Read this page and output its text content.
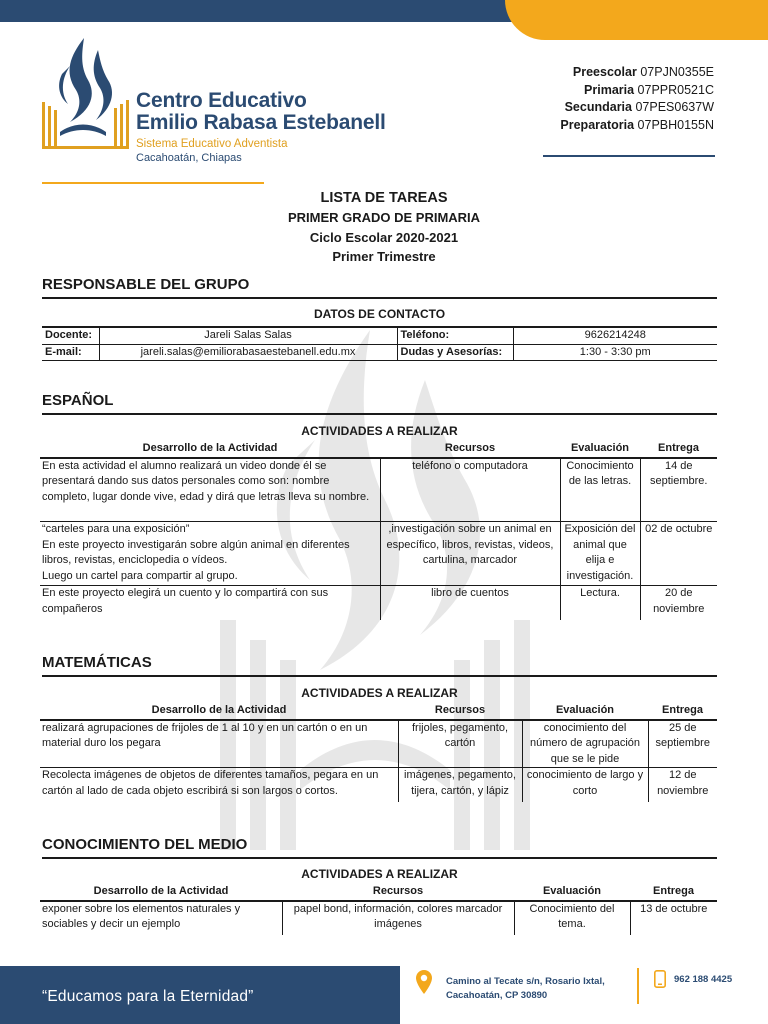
Centro Educativo
Emilio Rabasa Estebanell
Sistema Educativo Adventista
Cacahoatán, Chiapas
Preescolar 07PJN0355E
Primaria 07PPR0521C
Secundaria 07PES0637W
Preparatoria 07PBH0155N
LISTA DE TAREAS
PRIMER GRADO DE PRIMARIA
Ciclo Escolar 2020-2021
Primer Trimestre
RESPONSABLE DEL GRUPO
DATOS DE CONTACTO
Docente:	Jareli Salas Salas	Teléfono:	9626214248
E-mail:	jareli.salas@emiliorabasaestebanell.edu.mx	Dudas y Asesorías:	1:30 - 3:30 pm
ESPAÑOL
ACTIVIDADES A REALIZAR
Desarrollo de la Actividad	Recursos	Evaluación	Entrega
En esta actividad el alumno realizará un video donde él se presentará dando sus datos personales como son: nombre completo, lugar donde vive, edad y dirá que letras lleva su nombre.	teléfono o computadora	Conocimiento de las letras.	14 de septiembre.
“carteles para una exposición”
En este proyecto investigarán sobre algún animal en diferentes libros, revistas, enciclopedia o vídeos.
Luego un cartel para compartir al grupo.	,investigación sobre un animal en específico, libros, revistas, videos, cartulina, marcador	Exposición del animal que elija e investigación.	02 de octubre
En este proyecto elegirá un cuento y lo compartirá con sus compañeros	libro de cuentos	Lectura.	20 de noviembre
MATEMÁTICAS
ACTIVIDADES A REALIZAR
Desarrollo de la Actividad	Recursos	Evaluación	Entrega
realizará agrupaciones de frijoles de 1 al 10 y en un cartón o en un material duro los pegara	frijoles, pegamento, cartón	conocimiento del número de agrupación que se le pide	25 de septiembre
Recolecta imágenes de objetos de diferentes tamaños, pegara en un cartón al lado de cada objeto escribirá si son largos o cortos.	imágenes, pegamento, tijera, cartón, y lápiz	conocimiento de largo y corto	12 de noviembre
CONOCIMIENTO DEL MEDIO
ACTIVIDADES A REALIZAR
Desarrollo de la Actividad	Recursos	Evaluación	Entrega
exponer sobre los elementos naturales y sociables y decir un ejemplo	papel bond, información, colores marcador imágenes	Conocimiento del tema.	13 de octubre
“Educamos para la Eternidad”
Camino al Tecate s/n, Rosario Ixtal,
Cacahoatán, CP 30890
962 188 4425
